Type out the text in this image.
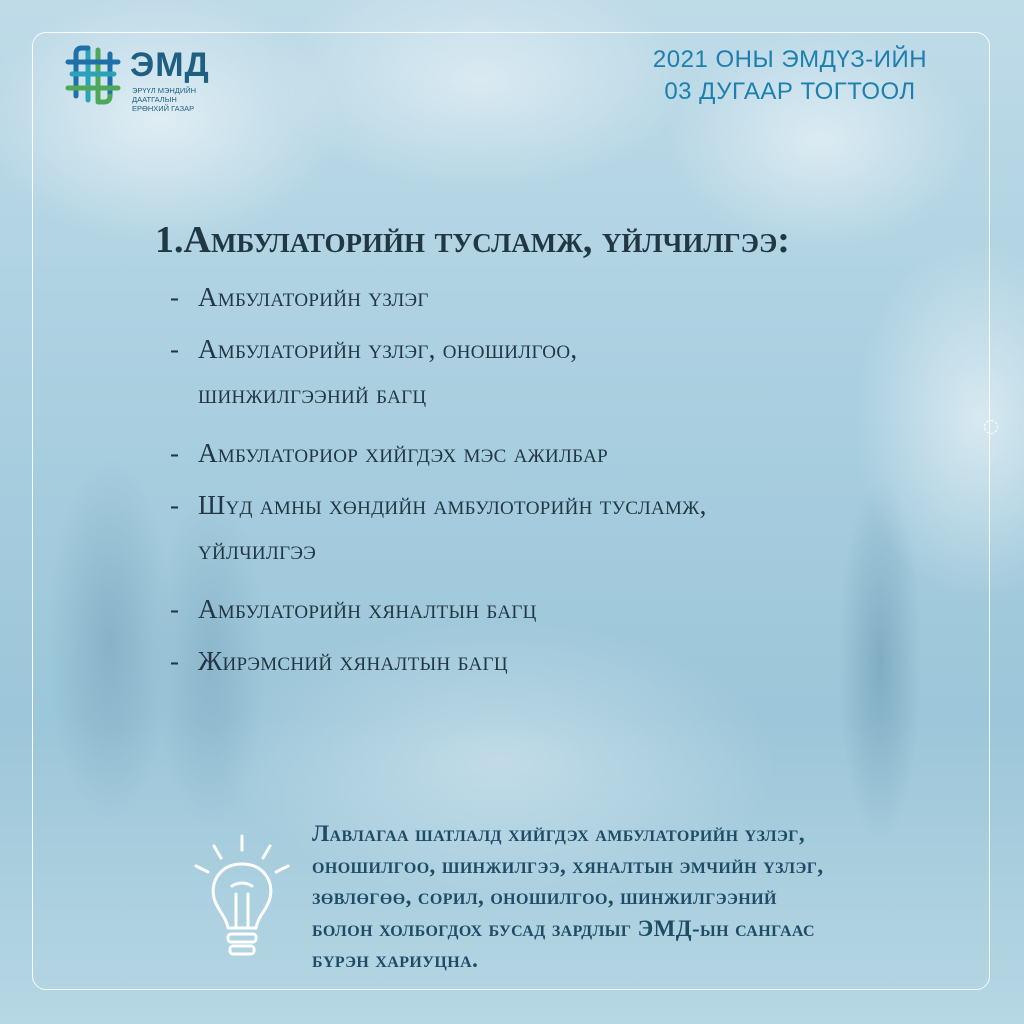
ЭМД
ЭРҮҮЛ МЭНДИЙН ДААТГАЛЫН
ЕРӨНХИЙ ГАЗАР
2021 ОНЫ ЭМДҮЗ-ИЙН
03 ДУГААР ТОГТООЛ
1.Амбулаторийн тусламж, үйлчилгээ:
- Амбулаторийн үзлэг
- Амбулаторийн үзлэг, оношилгоо,
шинжилгээний багц
- Амбулаториор хийгдэх мэс ажилбар
- Шүд амны хөндийн амбулоторийн тусламж,
үйлчилгээ
- Амбулаторийн хяналтын багц
- Жирэмсний хяналтын багц
Лавлагаа шатлалд хийгдэх амбулаторийн үзлэг,
оношилгоо, шинжилгээ, хяналтын эмчийн үзлэг,
зөвлөгөө, сорил, оношилгоо, шинжилгээний
болон холбогдох бусад зардлыг ЭМД-ын сангаас
бүрэн хариуцна.
